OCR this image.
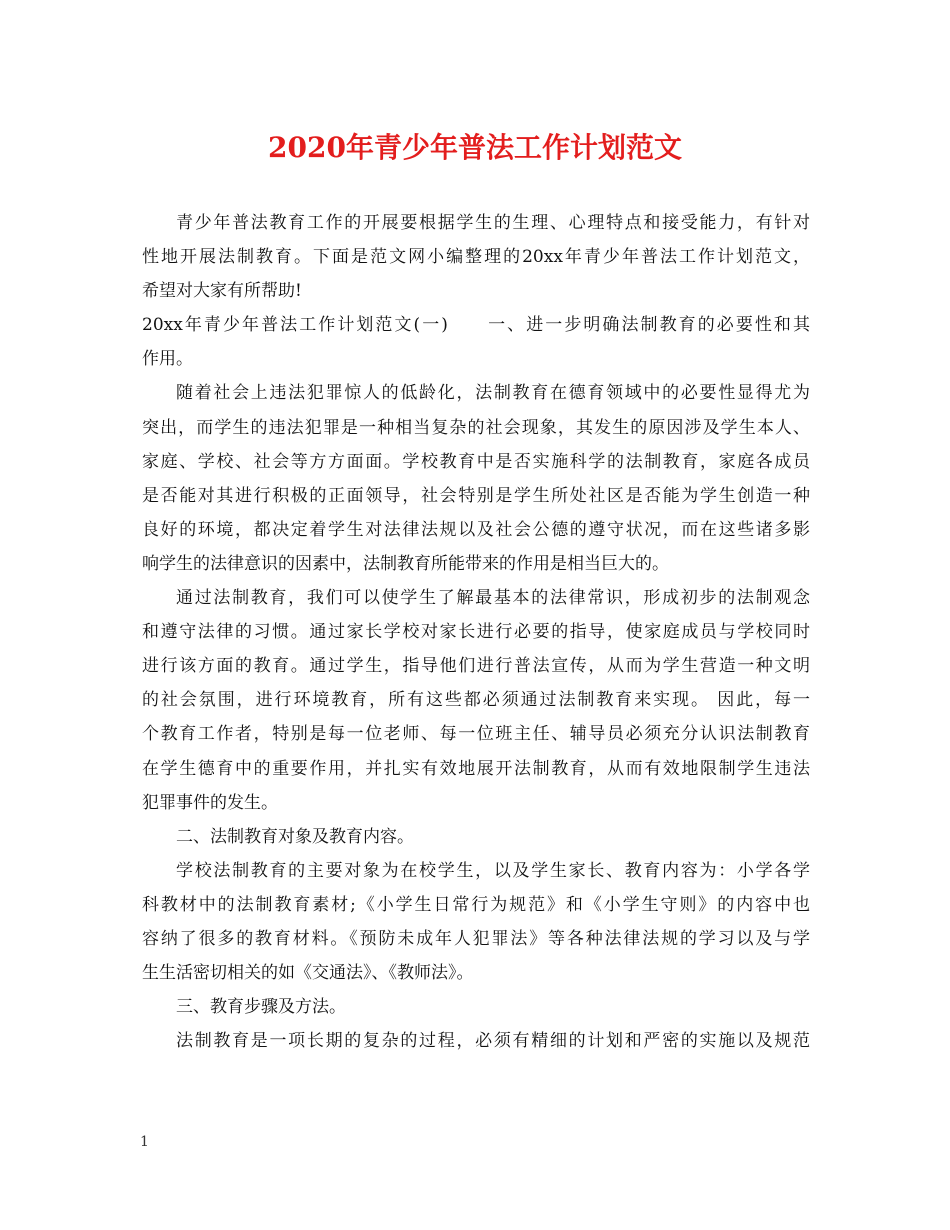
2020年青少年普法工作计划范文
青少年普法教育工作的开展要根据学生的生理、心理特点和接受能力，有针对
性地开展法制教育。下面是范文网小编整理的20xx年青少年普法工作计划范文，
希望对大家有所帮助!
20xx年青少年普法工作计划范文(一)　　一、进一步明确法制教育的必要性和其
作用。
随着社会上违法犯罪惊人的低龄化，法制教育在德育领域中的必要性显得尤为
突出，而学生的违法犯罪是一种相当复杂的社会现象，其发生的原因涉及学生本人、
家庭、学校、社会等方方面面。学校教育中是否实施科学的法制教育，家庭各成员
是否能对其进行积极的正面领导，社会特别是学生所处社区是否能为学生创造一种
良好的环境，都决定着学生对法律法规以及社会公德的遵守状况，而在这些诸多影
响学生的法律意识的因素中，法制教育所能带来的作用是相当巨大的。
通过法制教育，我们可以使学生了解最基本的法律常识，形成初步的法制观念
和遵守法律的习惯。通过家长学校对家长进行必要的指导，使家庭成员与学校同时
进行该方面的教育。通过学生，指导他们进行普法宣传，从而为学生营造一种文明
的社会氛围，进行环境教育，所有这些都必须通过法制教育来实现。 因此，每一
个教育工作者，特别是每一位老师、每一位班主任、辅导员必须充分认识法制教育
在学生德育中的重要作用，并扎实有效地展开法制教育，从而有效地限制学生违法
犯罪事件的发生。
二、法制教育对象及教育内容。
学校法制教育的主要对象为在校学生，以及学生家长、教育内容为：小学各学
科教材中的法制教育素材;《小学生日常行为规范》和《小学生守则》的内容中也
容纳了很多的教育材料。《预防未成年人犯罪法》等各种法律法规的学习以及与学
生生活密切相关的如《交通法》、《教师法》。
三、教育步骤及方法。
法制教育是一项长期的复杂的过程，必须有精细的计划和严密的实施以及规范
1
